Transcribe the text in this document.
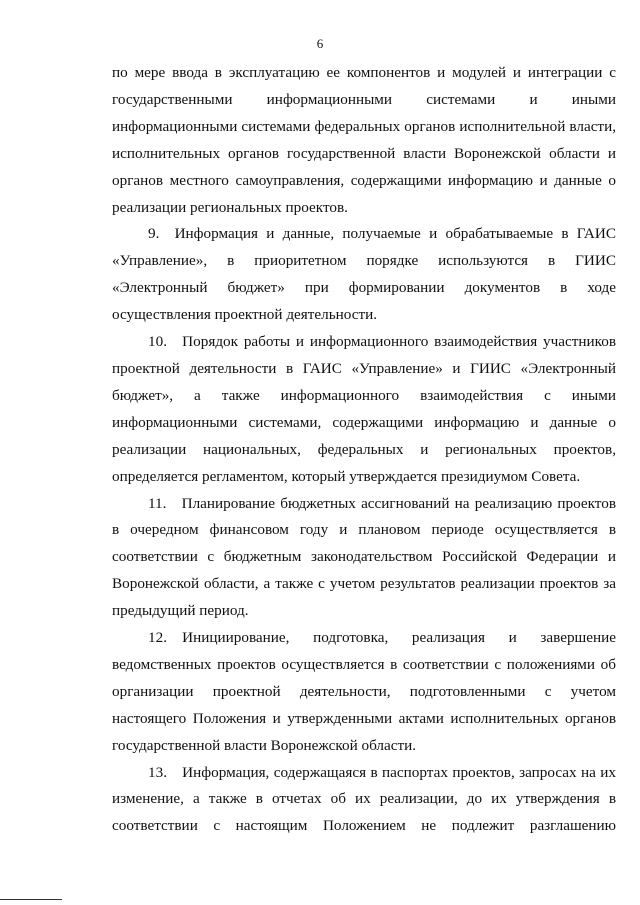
6

по мере ввода в эксплуатацию ее компонентов и модулей и интеграции с государственными информационными системами и иными информационными системами федеральных органов исполнительной власти, исполнительных органов государственной власти Воронежской области и органов местного самоуправления, содержащими информацию и данные о реализации региональных проектов.

9. Информация и данные, получаемые и обрабатываемые в ГАИС «Управление», в приоритетном порядке используются в ГИИС «Электронный бюджет» при формировании документов в ходе осуществления проектной деятельности.

10. Порядок работы и информационного взаимодействия участников проектной деятельности в ГАИС «Управление» и ГИИС «Электронный бюджет», а также информационного взаимодействия с иными информационными системами, содержащими информацию и данные о реализации национальных, федеральных и региональных проектов, определяется регламентом, который утверждается президиумом Совета.

11. Планирование бюджетных ассигнований на реализацию проектов в очередном финансовом году и плановом периоде осуществляется в соответствии с бюджетным законодательством Российской Федерации и Воронежской области, а также с учетом результатов реализации проектов за предыдущий период.

12. Инициирование, подготовка, реализация и завершение ведомственных проектов осуществляется в соответствии с положениями об организации проектной деятельности, подготовленными с учетом настоящего Положения и утвержденными актами исполнительных органов государственной власти Воронежской области.

13. Информация, содержащаяся в паспортах проектов, запросах на их изменение, а также в отчетах об их реализации, до их утверждения в соответствии с настоящим Положением не подлежит разглашению
